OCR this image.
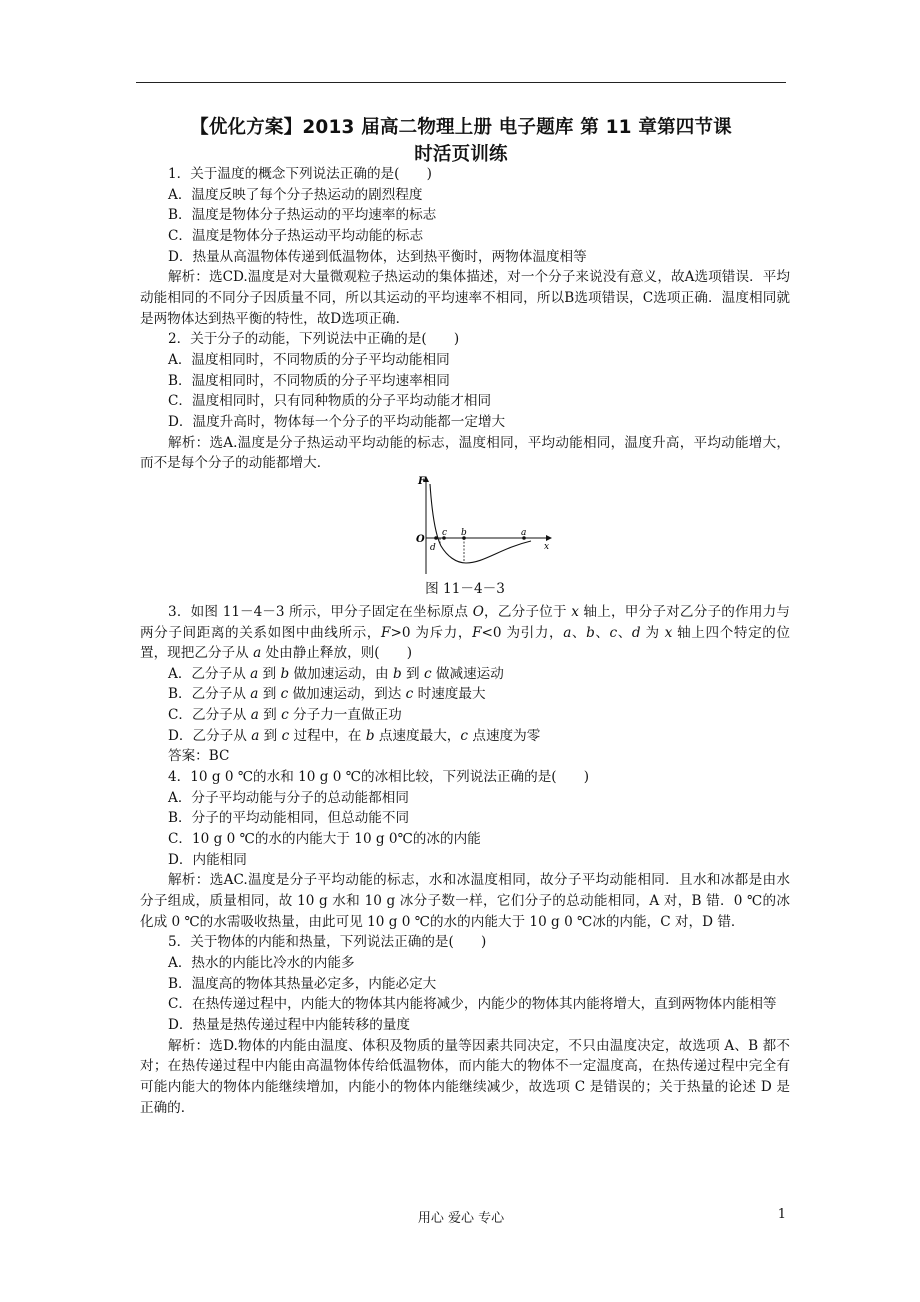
【优化方案】2013 届高二物理上册 电子题库 第 11 章第四节课
时活页训练

1．关于温度的概念下列说法正确的是(　　)

A．温度反映了每个分子热运动的剧烈程度

B．温度是物体分子热运动的平均速率的标志

C．温度是物体分子热运动平均动能的标志

D．热量从高温物体传递到低温物体，达到热平衡时，两物体温度相等

解析：选CD.温度是对大量微观粒子热运动的集体描述，对一个分子来说没有意义，故A选项错误．平均动能相同的不同分子因质量不同，所以其运动的平均速率不相同，所以B选项错误，C选项正确．温度相同就是两物体达到热平衡的特性，故D选项正确．

2．关于分子的动能，下列说法中正确的是(　　)

A．温度相同时，不同物质的分子平均动能相同

B．温度相同时，不同物质的分子平均速率相同

C．温度相同时，只有同种物质的分子平均动能才相同

D．温度升高时，物体每一个分子的平均动能都一定增大

解析：选A.温度是分子热运动平均动能的标志，温度相同，平均动能相同，温度升高，平均动能增大，而不是每个分子的动能都增大．

F
O
x
c b	a
d
图 11－4－3

3．如图 11－4－3 所示，甲分子固定在坐标原点 O，乙分子位于 x 轴上，甲分子对乙分子的作用力与两分子间距离的关系如图中曲线所示，F>0 为斥力，F<0 为引力，a、b、c、d 为 x 轴上四个特定的位置，现把乙分子从 a 处由静止释放，则(　　)

A．乙分子从 a 到 b 做加速运动，由 b 到 c 做减速运动

B．乙分子从 a 到 c 做加速运动，到达 c 时速度最大

C．乙分子从 a 到 c 分子力一直做正功

D．乙分子从 a 到 c 过程中，在 b 点速度最大，c 点速度为零

答案：BC

4．10 g 0 ℃的水和 10 g 0 ℃的冰相比较，下列说法正确的是(　　)

A．分子平均动能与分子的总动能都相同

B．分子的平均动能相同，但总动能不同

C．10 g 0 ℃的水的内能大于 10 g 0℃的冰的内能

D．内能相同

解析：选AC.温度是分子平均动能的标志，水和冰温度相同，故分子平均动能相同．且水和冰都是由水分子组成，质量相同，故 10 g 水和 10 g 冰分子数一样，它们分子的总动能相同，A 对，B 错．0 ℃的冰化成 0 ℃的水需吸收热量，由此可见 10 g 0 ℃的水的内能大于 10 g 0 ℃冰的内能，C 对，D 错．

5．关于物体的内能和热量，下列说法正确的是(　　)

A．热水的内能比冷水的内能多

B．温度高的物体其热量必定多，内能必定大

C．在热传递过程中，内能大的物体其内能将减少，内能少的物体其内能将增大，直到两物体内能相等

D．热量是热传递过程中内能转移的量度

解析：选D.物体的内能由温度、体积及物质的量等因素共同决定，不只由温度决定，故选项 A、B 都不对；在热传递过程中内能由高温物体传给低温物体，而内能大的物体不一定温度高，在热传递过程中完全有可能内能大的物体内能继续增加，内能小的物体内能继续减少，故选项 C 是错误的；关于热量的论述 D 是正确的．

用心 爱心 专心	1
